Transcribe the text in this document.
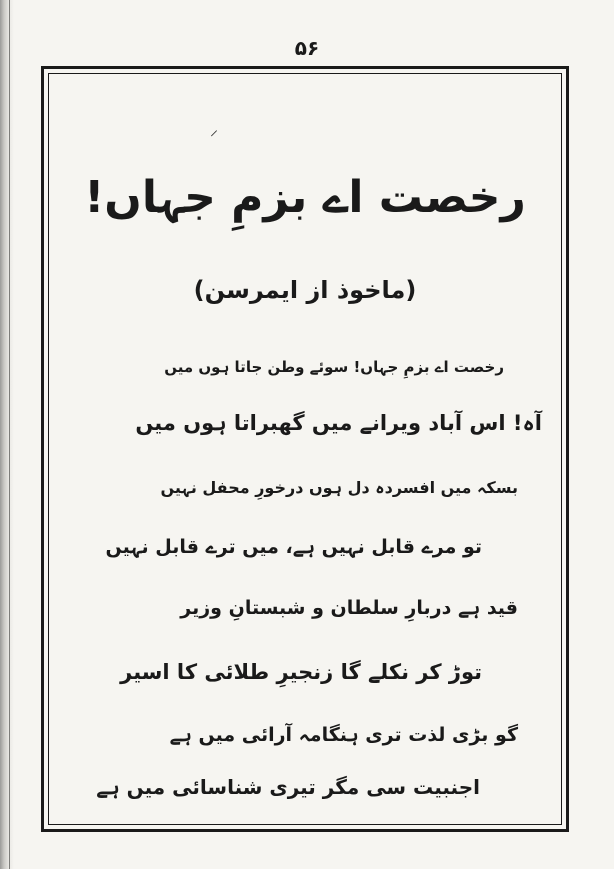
۵۶
⸝
رخصت اے بزمِ جہاں!
(ماخوذ از ایمرسن)
رخصت اے بزمِ جہاں! سوئے وطن جاتا ہوں میں
آہ! اس آباد ویرانے میں گھبراتا ہوں میں
بسکہ میں افسردہ دل ہوں درخورِ محفل نہیں
تو مرے قابل نہیں ہے، میں ترے قابل نہیں
قید ہے دربارِ سلطان و شبستانِ وزیر
توڑ کر نکلے گا زنجیرِ طلائی کا اسیر
گو بڑی لذت تری ہنگامہ آرائی میں ہے
اجنبیت سی مگر تیری شناسائی میں ہے
